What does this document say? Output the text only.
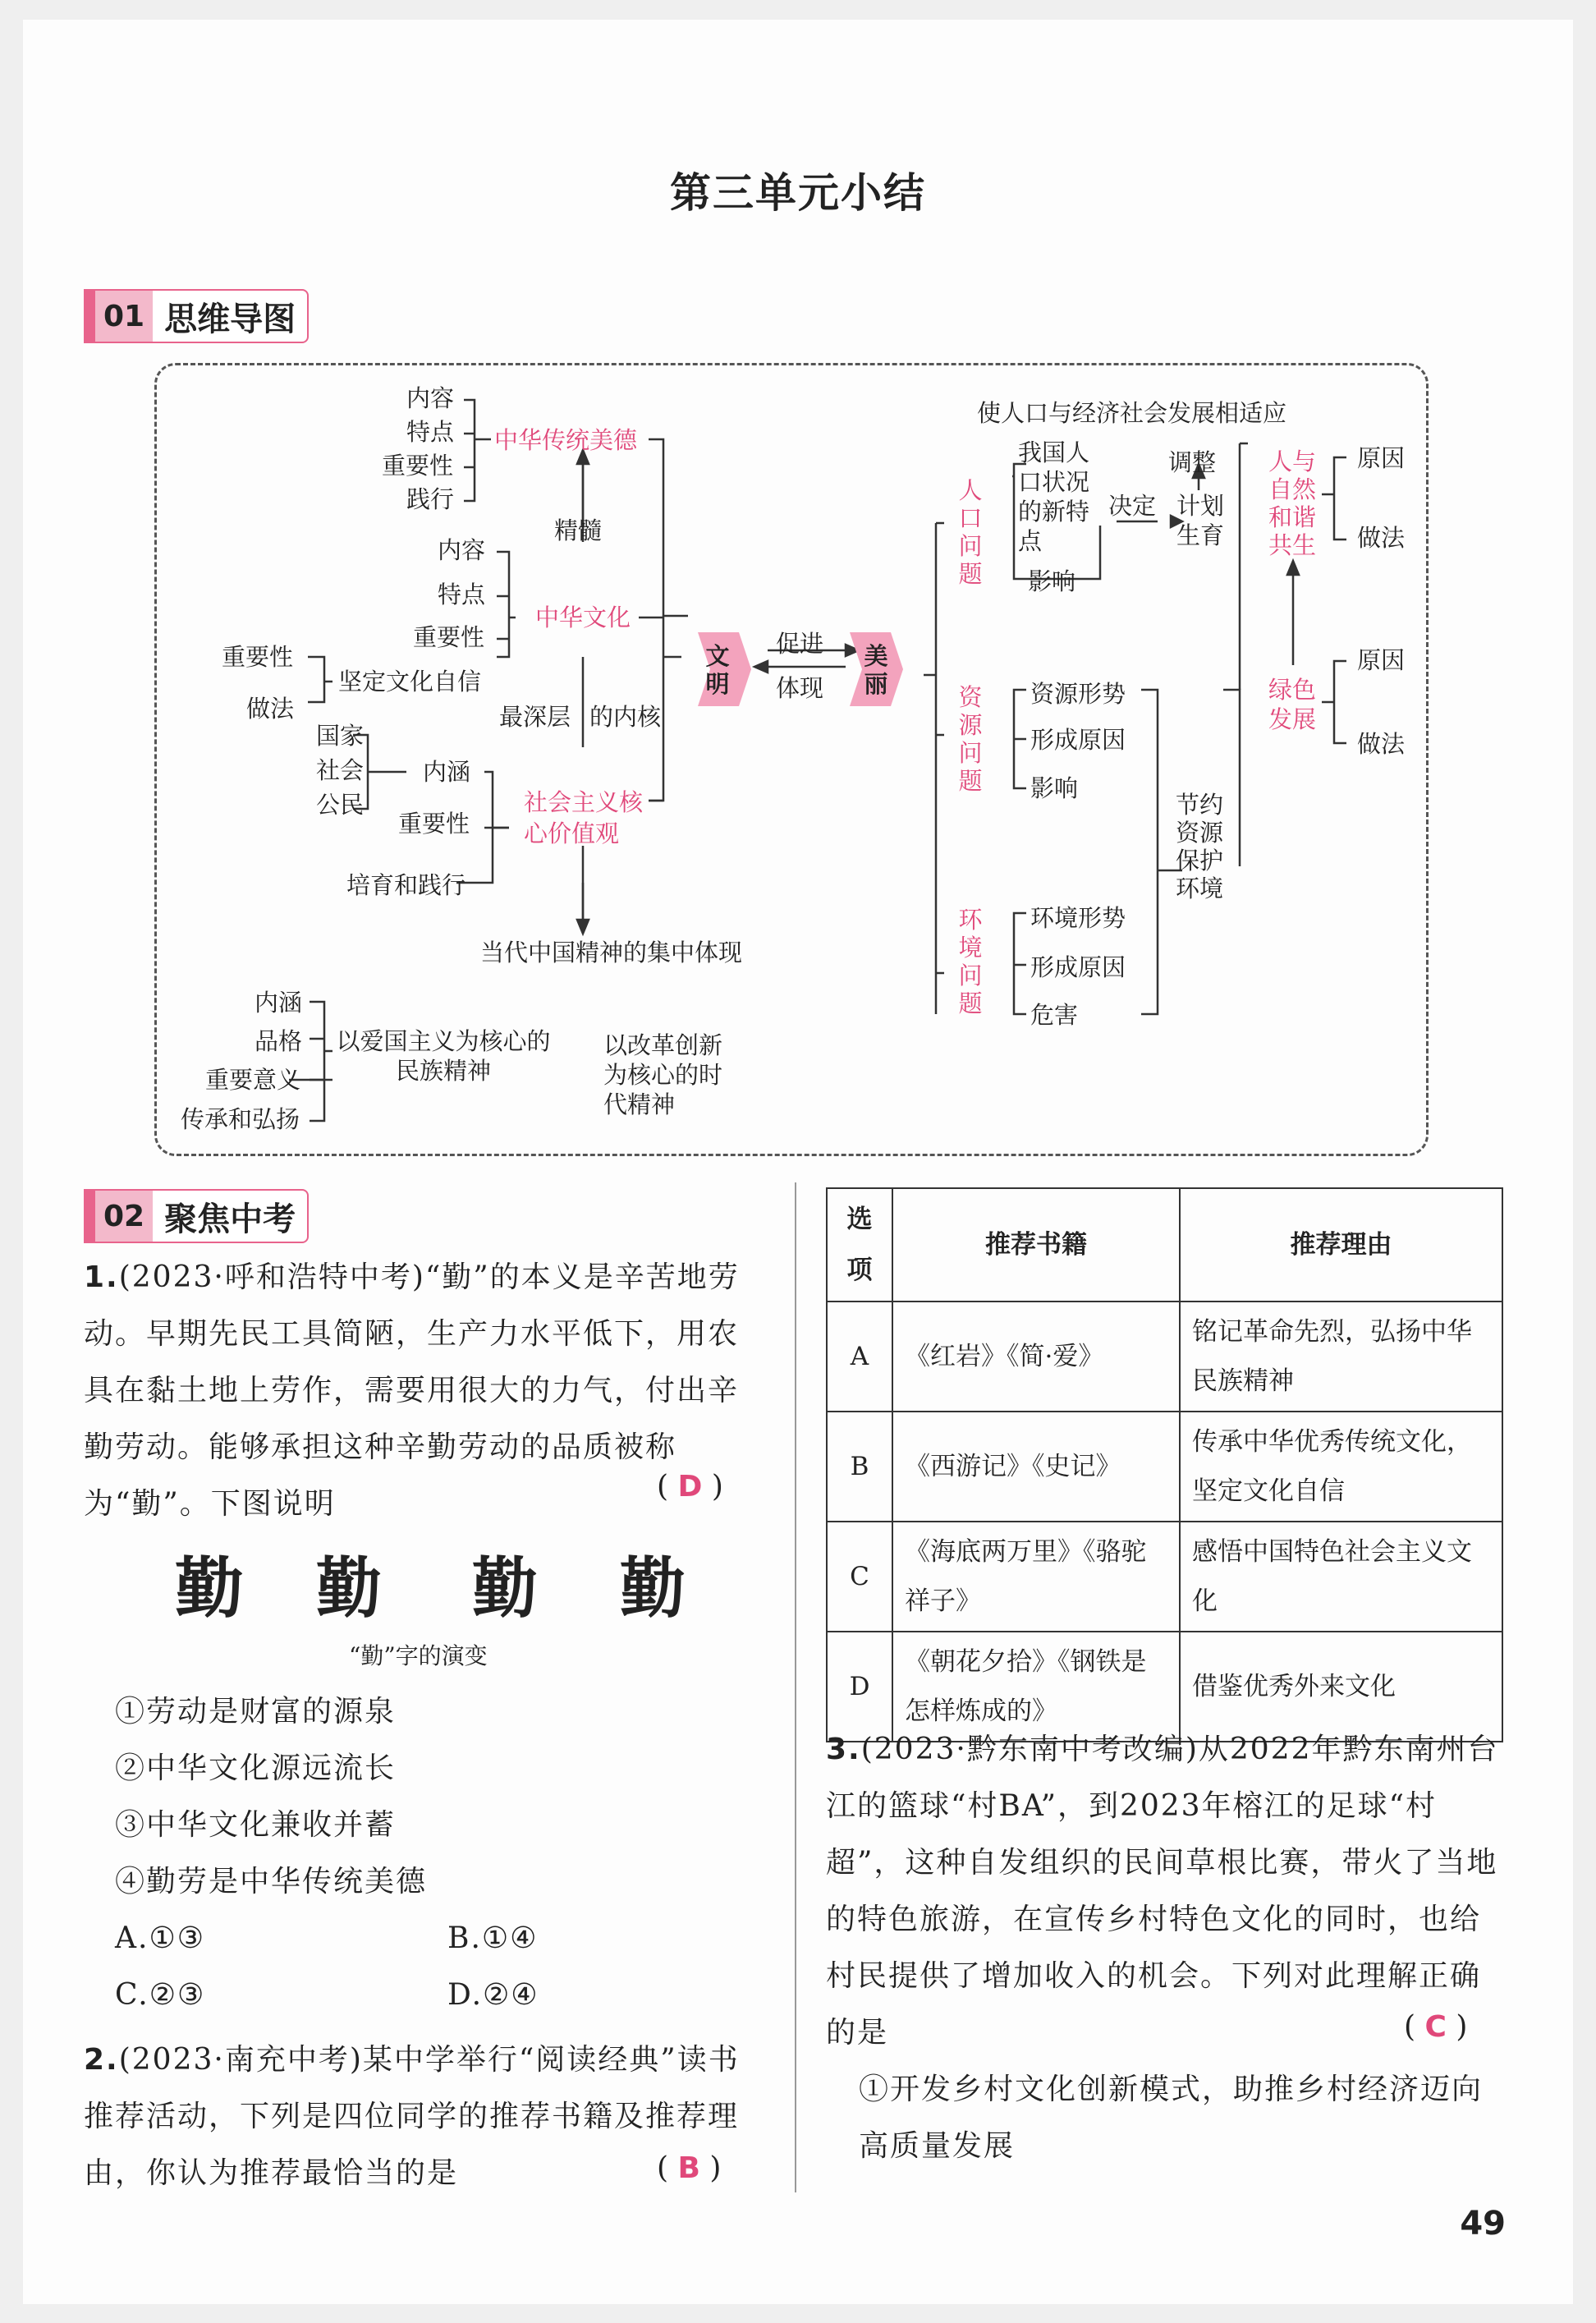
第三单元小结
01 思维导图
内容
特点
重要性
践行
中华传统美德
精髓
内容
特点
重要性
中华文化
重要性
做法
坚定文化自信
最深层 的内核
国家
社会
公民
内涵
重要性
社会主义核心价值观
培育和践行
文明
美丽
促进
体现
当代中国精神的集中体现
内涵
品格
重要意义
传承和弘扬
以爱国主义为核心的民族精神
以改革创新为核心的时代精神
使人口与经济社会发展相适应
人口问题
我国人口状况的新特点
影响
决定
调整
计划生育
人与自然和谐共生
原因
做法
资源问题
资源形势
形成原因
影响
节约资源保护环境
绿色发展
原因
做法
环境问题
环境形势
形成原因
危害
02 聚焦中考
1.(2023·呼和浩特中考)“勤”的本义是辛苦地劳动。早期先民工具简陋，生产力水平低下，用农具在黏土地上劳作，需要用很大的力气，付出辛勤劳动。能够承担这种辛勤劳动的品质被称为“勤”。下图说明
( D )
勤 勤 勤 勤
“勤”字的演变
①劳动是财富的源泉
②中华文化源远流长
③中华文化兼收并蓄
④勤劳是中华传统美德
A.①③	B.①④
C.②③	D.②④
2.(2023·南充中考)某中学举行“阅读经典”读书推荐活动，下列是四位同学的推荐书籍及推荐理由，你认为推荐最恰当的是	( B )
选项	推荐书籍	推荐理由
A	《红岩》《简·爱》	铭记革命先烈，弘扬中华民族精神
B	《西游记》《史记》	传承中华优秀传统文化，坚定文化自信
C	《海底两万里》《骆驼祥子》	感悟中国特色社会主义文化
D	《朝花夕拾》《钢铁是怎样炼成的》	借鉴优秀外来文化
3.(2023·黔东南中考改编)从2022年黔东南州台江的篮球“村BA”，到2023年榕江的足球“村超”，这种自发组织的民间草根比赛，带火了当地的特色旅游，在宣传乡村特色文化的同时，也给村民提供了增加收入的机会。下列对此理解正确的是	( C )
①开发乡村文化创新模式，助推乡村经济迈向高质量发展
49
